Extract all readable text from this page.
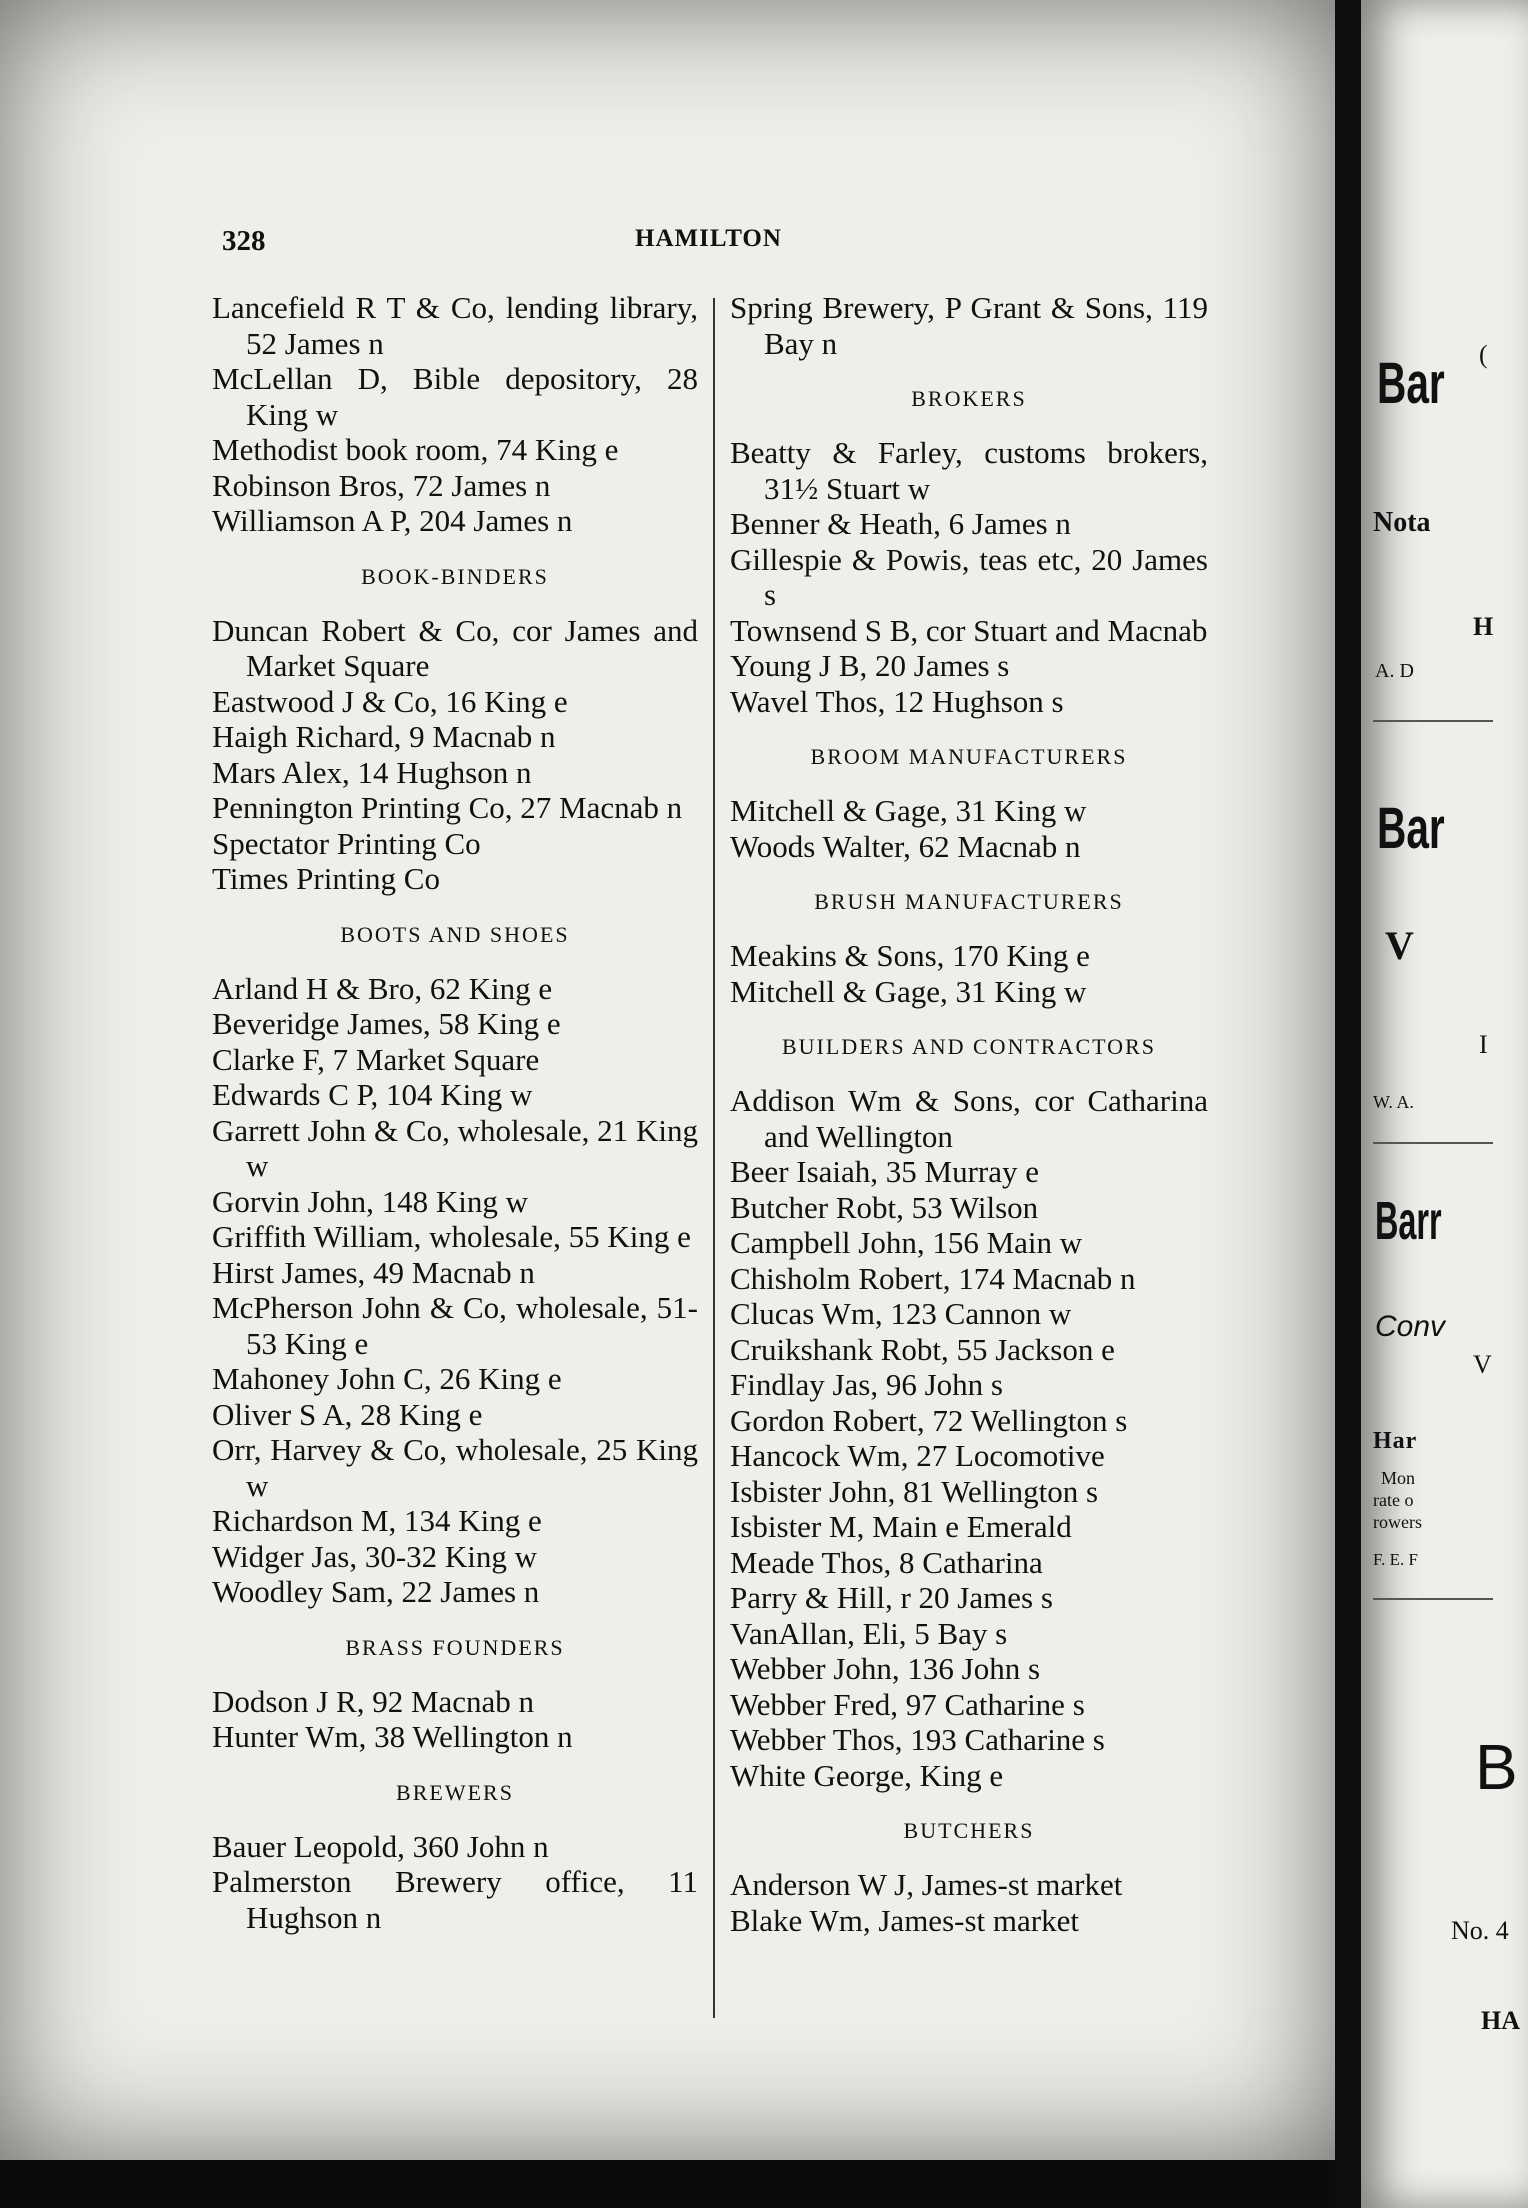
328	HAMILTON
Lancefield R T & Co, lending library, 52 James n
McLellan D, Bible depository, 28 King w
Methodist book room, 74 King e
Robinson Bros, 72 James n
Williamson A P, 204 James n
BOOK-BINDERS
Duncan Robert & Co, cor James and Market Square
Eastwood J & Co, 16 King e
Haigh Richard, 9 Macnab n
Mars Alex, 14 Hughson n
Pennington Printing Co, 27 Macnab n
Spectator Printing Co
Times Printing Co
BOOTS AND SHOES
Arland H & Bro, 62 King e
Beveridge James, 58 King e
Clarke F, 7 Market Square
Edwards C P, 104 King w
Garrett John & Co, wholesale, 21 King w
Gorvin John, 148 King w
Griffith William, wholesale, 55 King e
Hirst James, 49 Macnab n
McPherson John & Co, wholesale, 51-53 King e
Mahoney John C, 26 King e
Oliver S A, 28 King e
Orr, Harvey & Co, wholesale, 25 King w
Richardson M, 134 King e
Widger Jas, 30-32 King w
Woodley Sam, 22 James n
BRASS FOUNDERS
Dodson J R, 92 Macnab n
Hunter Wm, 38 Wellington n
BREWERS
Bauer Leopold, 360 John n
Palmerston Brewery office, 11 Hughson n
Spring Brewery, P Grant & Sons, 119 Bay n
BROKERS
Beatty & Farley, customs brokers, 31½ Stuart w
Benner & Heath, 6 James n
Gillespie & Powis, teas etc, 20 James s
Townsend S B, cor Stuart and Macnab
Young J B, 20 James s
Wavel Thos, 12 Hughson s
BROOM MANUFACTURERS
Mitchell & Gage, 31 King w
Woods Walter, 62 Macnab n
BRUSH MANUFACTURERS
Meakins & Sons, 170 King e
Mitchell & Gage, 31 King w
BUILDERS AND CONTRACTORS
Addison Wm & Sons, cor Catharina and Wellington
Beer Isaiah, 35 Murray e
Butcher Robt, 53 Wilson
Campbell John, 156 Main w
Chisholm Robert, 174 Macnab n
Clucas Wm, 123 Cannon w
Cruikshank Robt, 55 Jackson e
Findlay Jas, 96 John s
Gordon Robert, 72 Wellington s
Hancock Wm, 27 Locomotive
Isbister John, 81 Wellington s
Isbister M, Main e Emerald
Meade Thos, 8 Catharina
Parry & Hill, r 20 James s
VanAllan, Eli, 5 Bay s
Webber John, 136 John s
Webber Fred, 97 Catharine s
Webber Thos, 193 Catharine s
White George, King e
BUTCHERS
Anderson W J, James-st market
Blake Wm, James-st market
(
Bar
Nota
H
A. D
Bar
V
I
W. A.
Barr
Conv
V
Har
Mon
rate o
rowers
F. E. F
B
No. 4
HA
